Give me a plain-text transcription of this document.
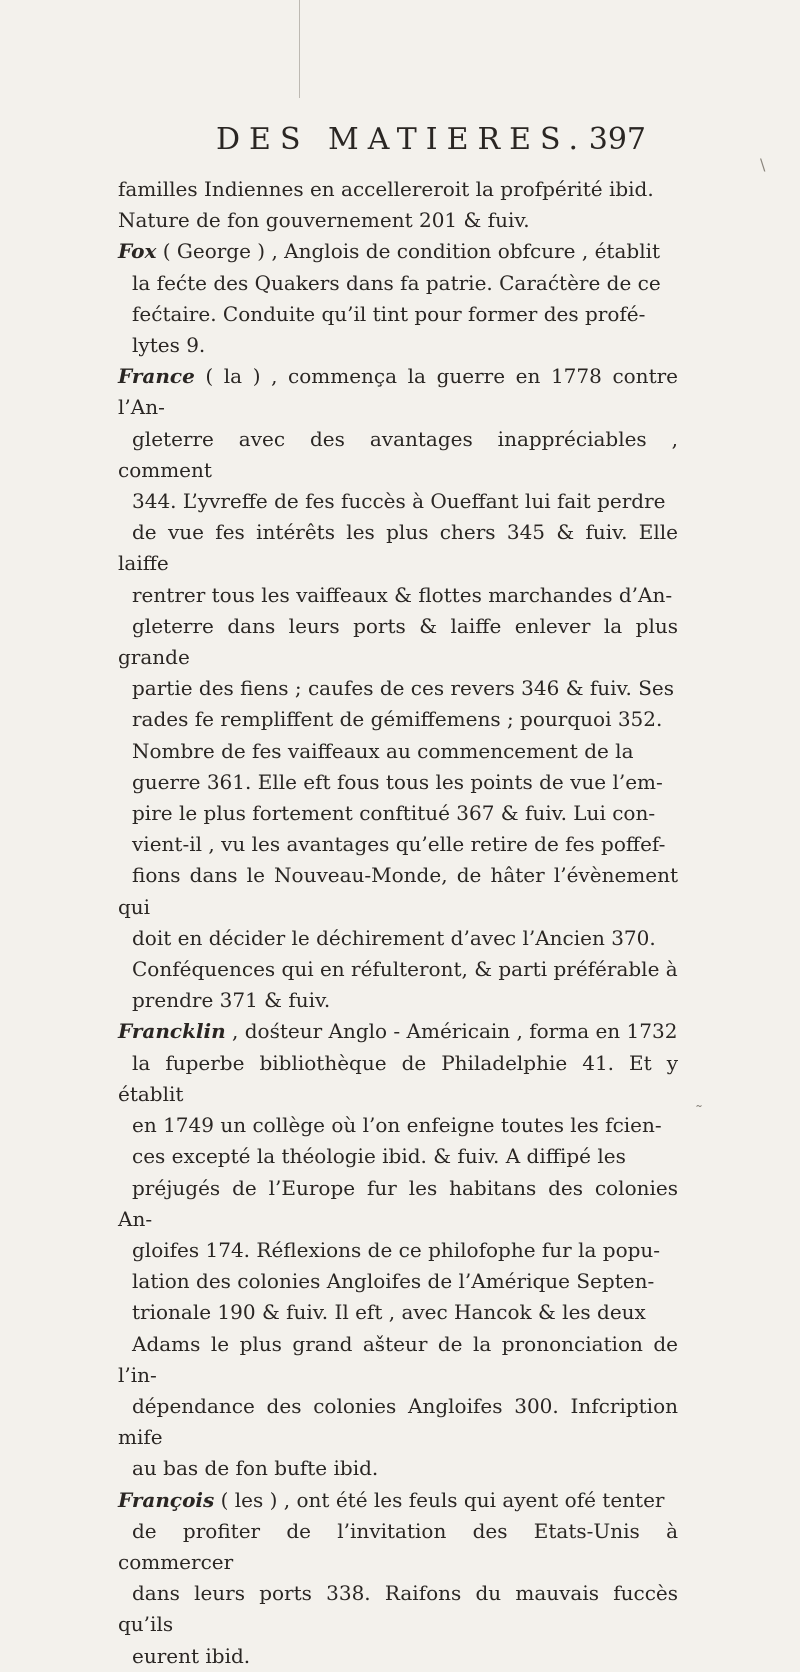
\
DES MATIERES. 397

familles Indiennes en accellereroit la profpérité ibid.
Nature de fon gouvernement 201 & fuiv.

Fox ( George ) , Anglois de condition obfcure , établit
la fećte des Quakers dans fa patrie. Caraćtère de ce
fećtaire. Conduite qu’il tint pour former des profé-
lytes 9.

France ( la ) , commença la guerre en 1778 contre l’An-
gleterre avec des avantages inappréciables , comment
344. L’yvreffe de fes fuccès à Oueffant lui fait perdre
de vue fes intérêts les plus chers 345 & fuiv. Elle laiffe
rentrer tous les vaiffeaux & flottes marchandes d’An-
gleterre dans leurs ports & laiffe enlever la plus grande
partie des fiens ; caufes de ces revers 346 & fuiv. Ses
rades fe rempliffent de gémiffemens ; pourquoi 352.
Nombre de fes vaiffeaux au commencement de la
guerre 361. Elle eft fous tous les points de vue l’em-
pire le plus fortement conftitué 367 & fuiv. Lui con-
vient-il , vu les avantages qu’elle retire de fes poffef-
fions dans le Nouveau-Monde, de hâter l’évènement qui
doit en décider le déchirement d’avec l’Ancien 370.
Conféquences qui en réfulteront, & parti préférable à
prendre 371 & fuiv.

Francklin , dośteur Anglo - Américain , forma en 1732
la fuperbe bibliothèque de Philadelphie 41. Et y établit
en 1749 un collège où l’on enfeigne toutes les fcien-
ces excepté la théologie ibid. & fuiv. A diffipé les
préjugés de l’Europe fur les habitans des colonies An-
gloifes 174. Réflexions de ce philofophe fur la popu-
lation des colonies Angloifes de l’Amérique Septen-
trionale 190 & fuiv. Il eft , avec Hancok & les deux
Adams le plus grand ašteur de la prononciation de l’in-
dépendance des colonies Angloifes 300. Infcription mife
au bas de fon bufte ibid.

François ( les ) , ont été les feuls qui ayent ofé tenter
de profiter de l’invitation des Etats-Unis à commercer
dans leurs ports 338. Raifons du mauvais fuccès qu’ils
eurent ibid.

˜
